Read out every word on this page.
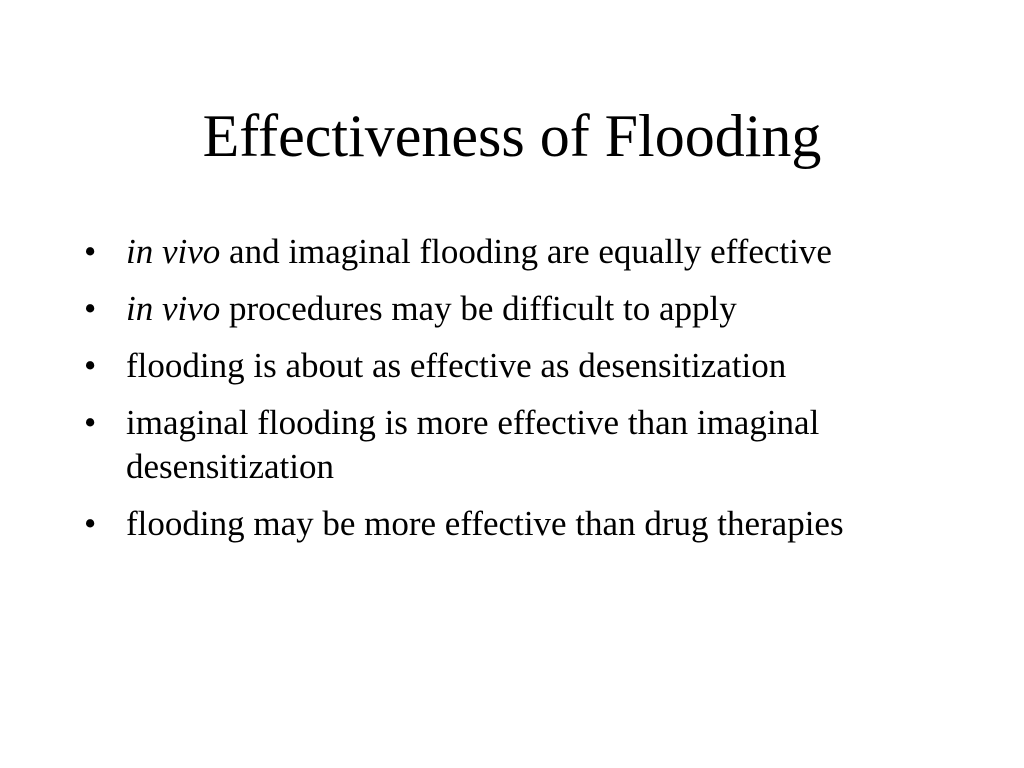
Effectiveness of Flooding
• in vivo and imaginal flooding are equally effective
• in vivo procedures may be difficult to apply
• flooding is about as effective as desensitization
• imaginal flooding is more effective than imaginal desensitization
• flooding may be more effective than drug therapies
